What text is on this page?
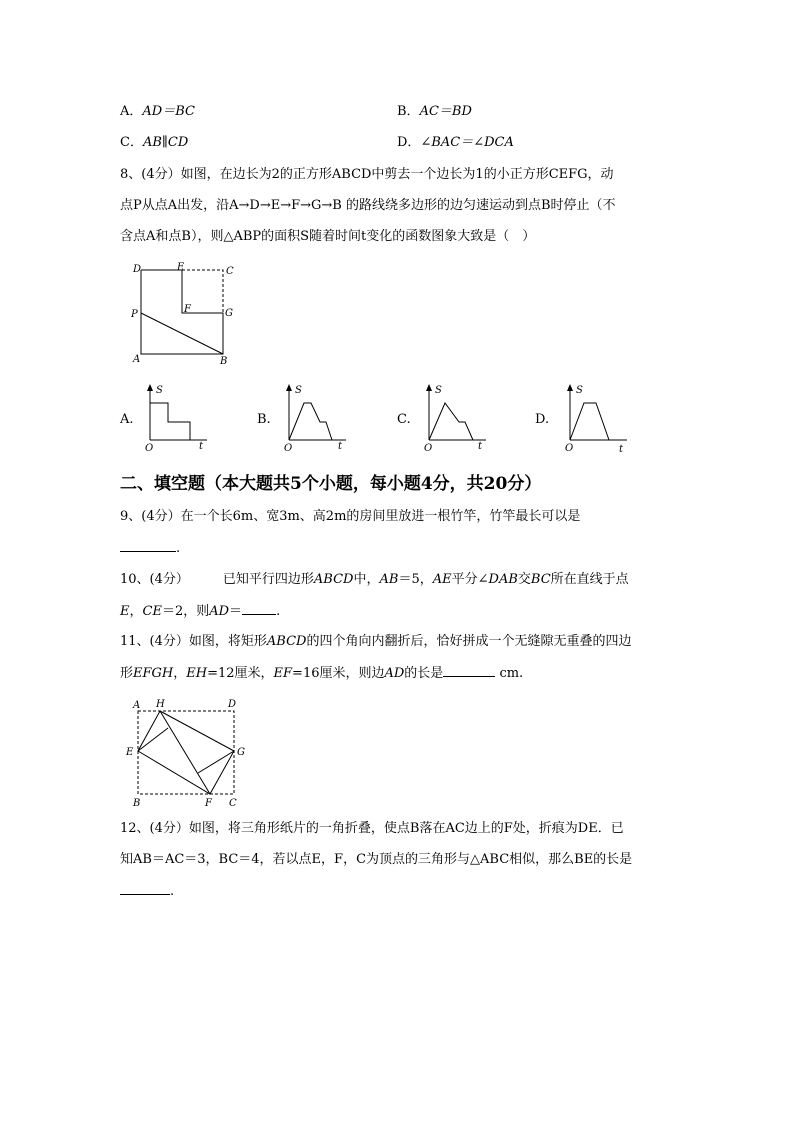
A．AD＝BC	B．AC＝BD
C．AB∥CD	D．∠BAC＝∠DCA
8、(4分）如图，在边长为2的正方形ABCD中剪去一个边长为1的小正方形CEFG，动
点P从点A出发，沿A→D→E→F→G→B 的路线绕多边形的边匀速运动到点B时停止（不
含点A和点B），则△ABP的面积S随着时间t变化的函数图象大致是（　）
D	E	C
P	F	G
A	B
A.
S
t
O
B.
S
t
O
C.
S
t
O
D.
S
t
O
二、填空题（本大题共5个小题，每小题4分，共20分）
9、(4分）在一个长6m、宽3m、高2m的房间里放进一根竹竿，竹竿最长可以是
.
10、(4分）	已知平行四边形ABCD中，AB＝5，AE平分∠DAB交BC所在直线于点
E，CE＝2，则AD＝	.
11、(4分）如图，将矩形ABCD的四个角向内翻折后，恰好拼成一个无缝隙无重叠的四边
形EFGH，EH=12厘米，EF=16厘米，则边AD的长是	cm.
A H	D
E	G
B	F C
12、(4分）如图，将三角形纸片的一角折叠，使点B落在AC边上的F处，折痕为DE．已
知AB＝AC＝3，BC＝4，若以点E，F，C为顶点的三角形与△ABC相似，那么BE的长是
.
